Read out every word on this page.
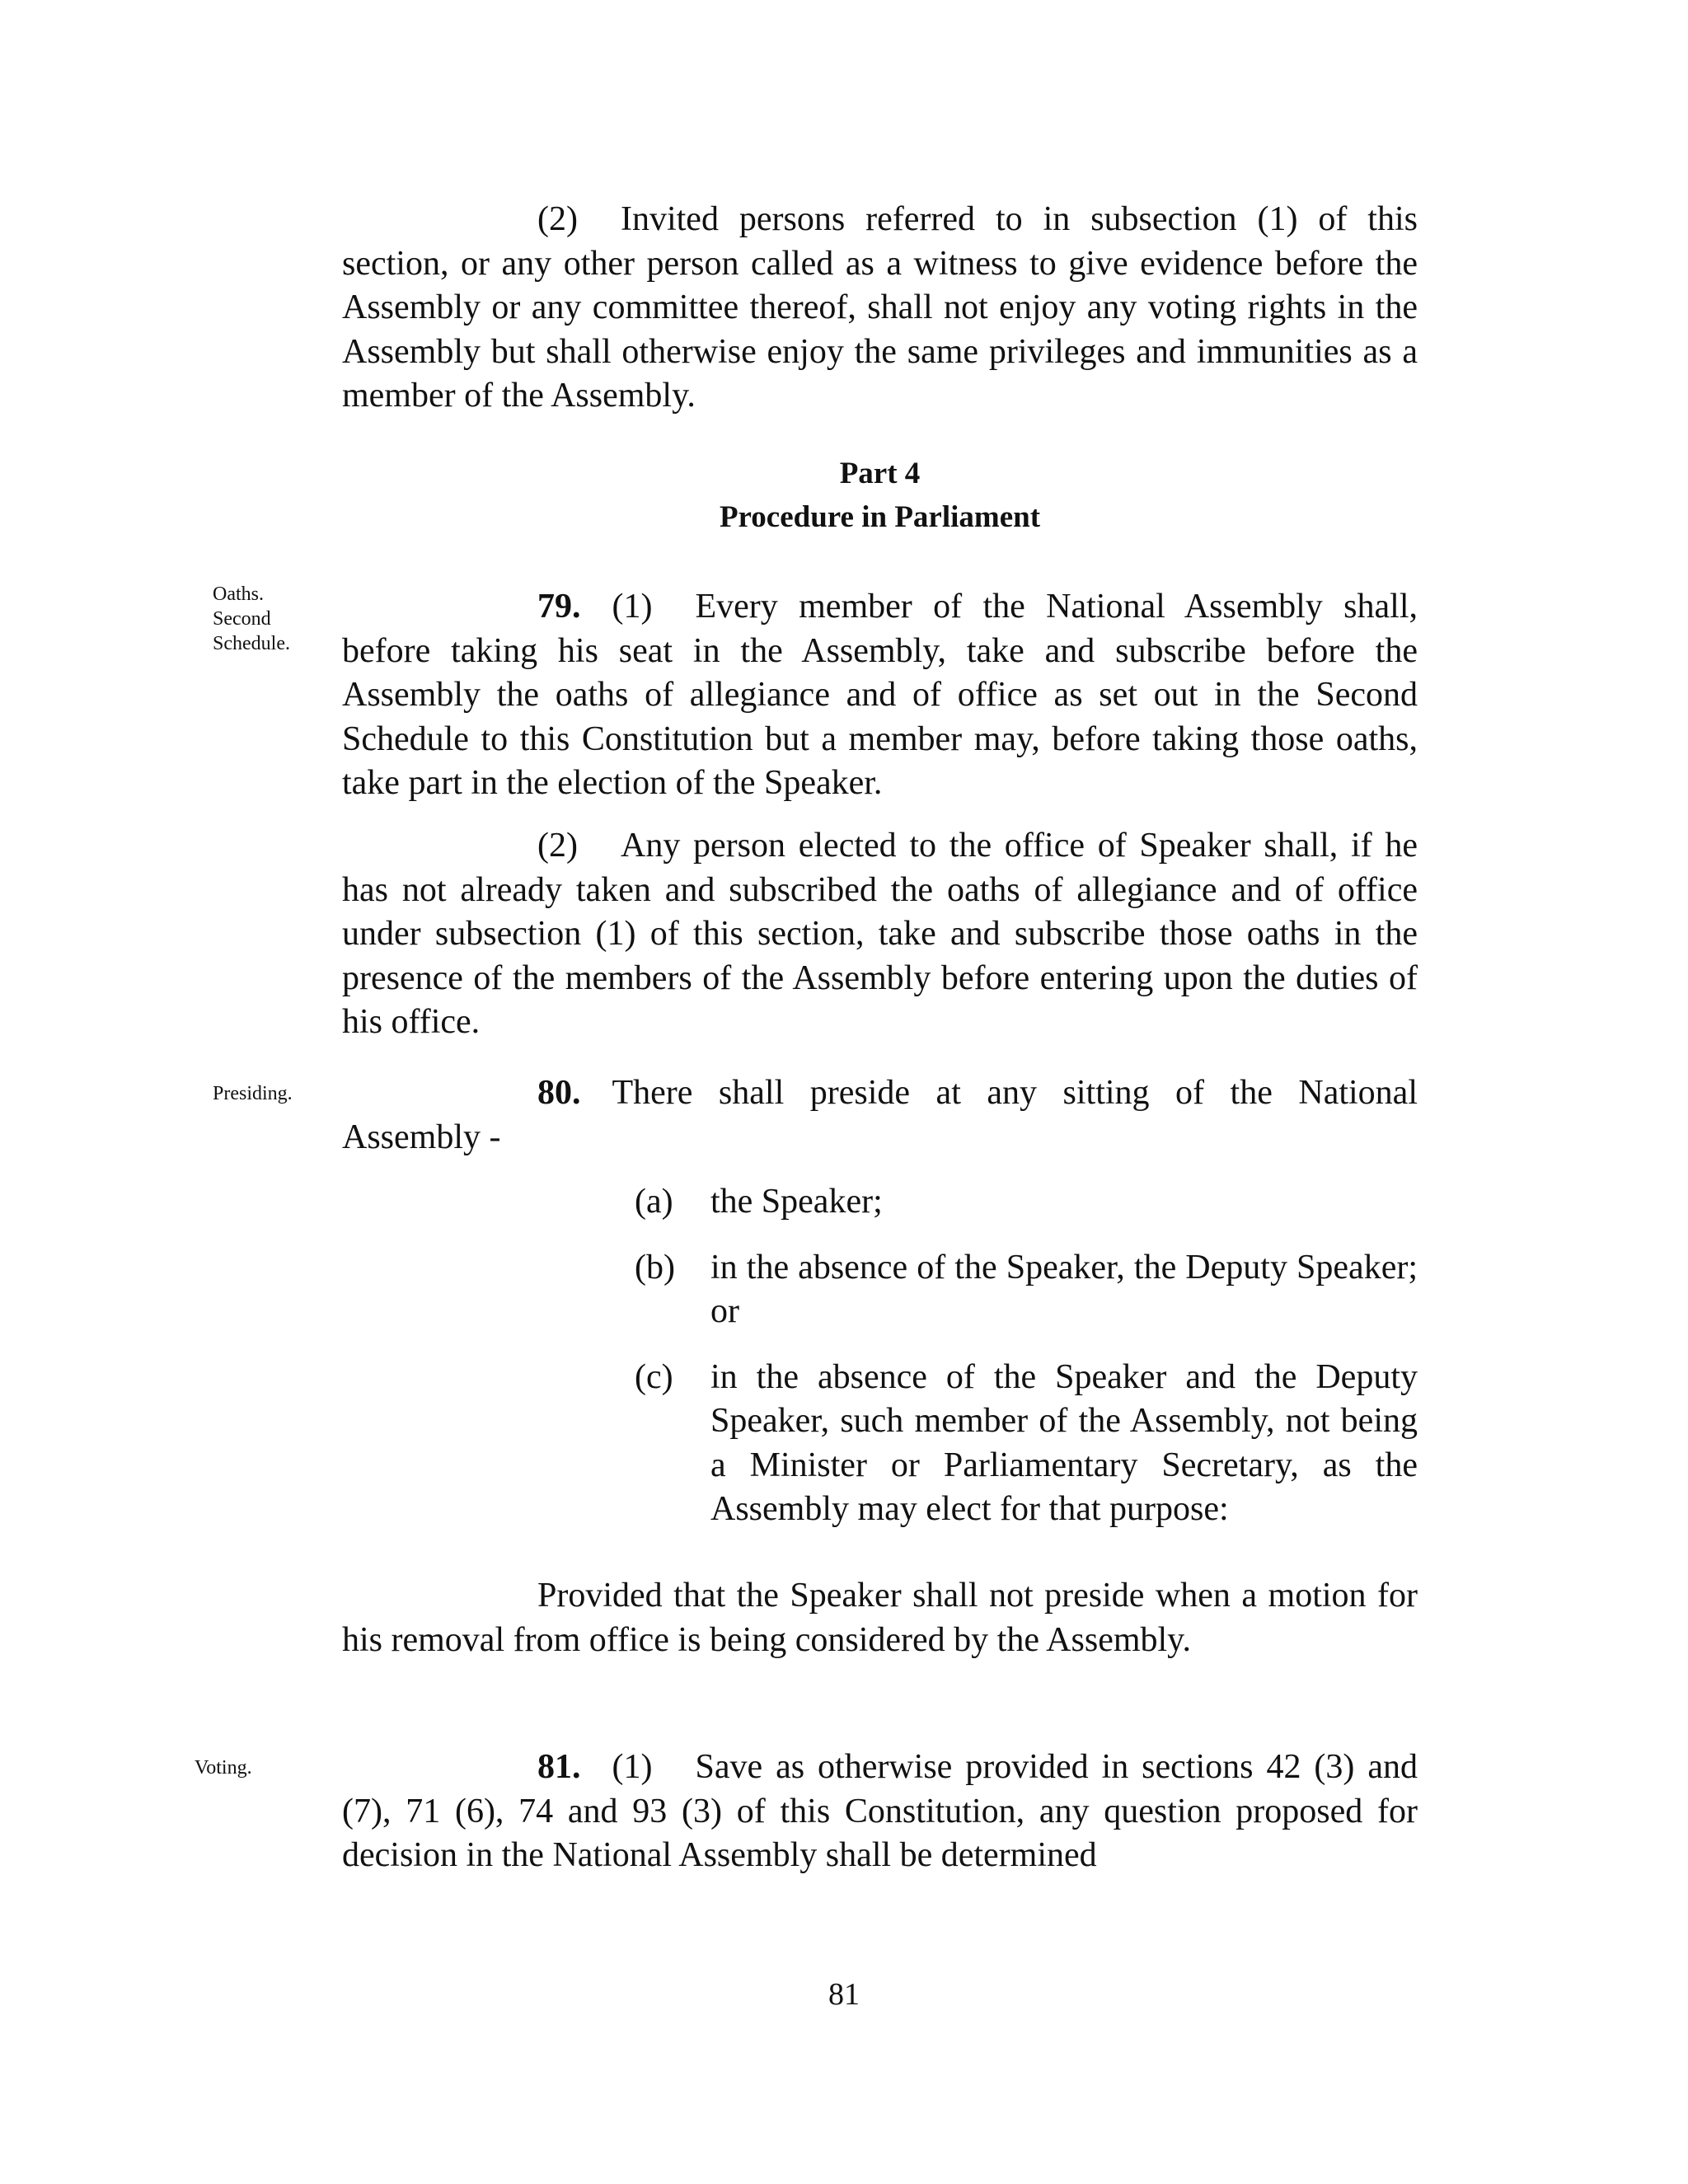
(2) Invited persons referred to in subsection (1) of this section, or any other person called as a witness to give evidence before the Assembly or any committee thereof, shall not enjoy any voting rights in the Assembly but shall otherwise enjoy the same privileges and immunities as a member of the Assembly.
Part 4
Procedure in Parliament
Oaths.
Second
Schedule.
79. (1) Every member of the National Assembly shall, before taking his seat in the Assembly, take and subscribe before the Assembly the oaths of allegiance and of office as set out in the Second Schedule to this Constitution but a member may, before taking those oaths, take part in the election of the Speaker.
(2) Any person elected to the office of Speaker shall, if he has not already taken and subscribed the oaths of allegiance and of office under subsection (1) of this section, take and subscribe those oaths in the presence of the members of the Assembly before entering upon the duties of his office.
Presiding.	80. There shall preside at any sitting of the National Assembly -
(a) the Speaker;
(b) in the absence of the Speaker, the Deputy Speaker; or
(c) in the absence of the Speaker and the Deputy Speaker, such member of the Assembly, not being a Minister or Parliamentary Secretary, as the Assembly may elect for that purpose:
Provided that the Speaker shall not preside when a motion for his removal from office is being considered by the Assembly.
Voting.	81. (1) Save as otherwise provided in sections 42 (3) and (7), 71 (6), 74 and 93 (3) of this Constitution, any question proposed for decision in the National Assembly shall be determined
81
